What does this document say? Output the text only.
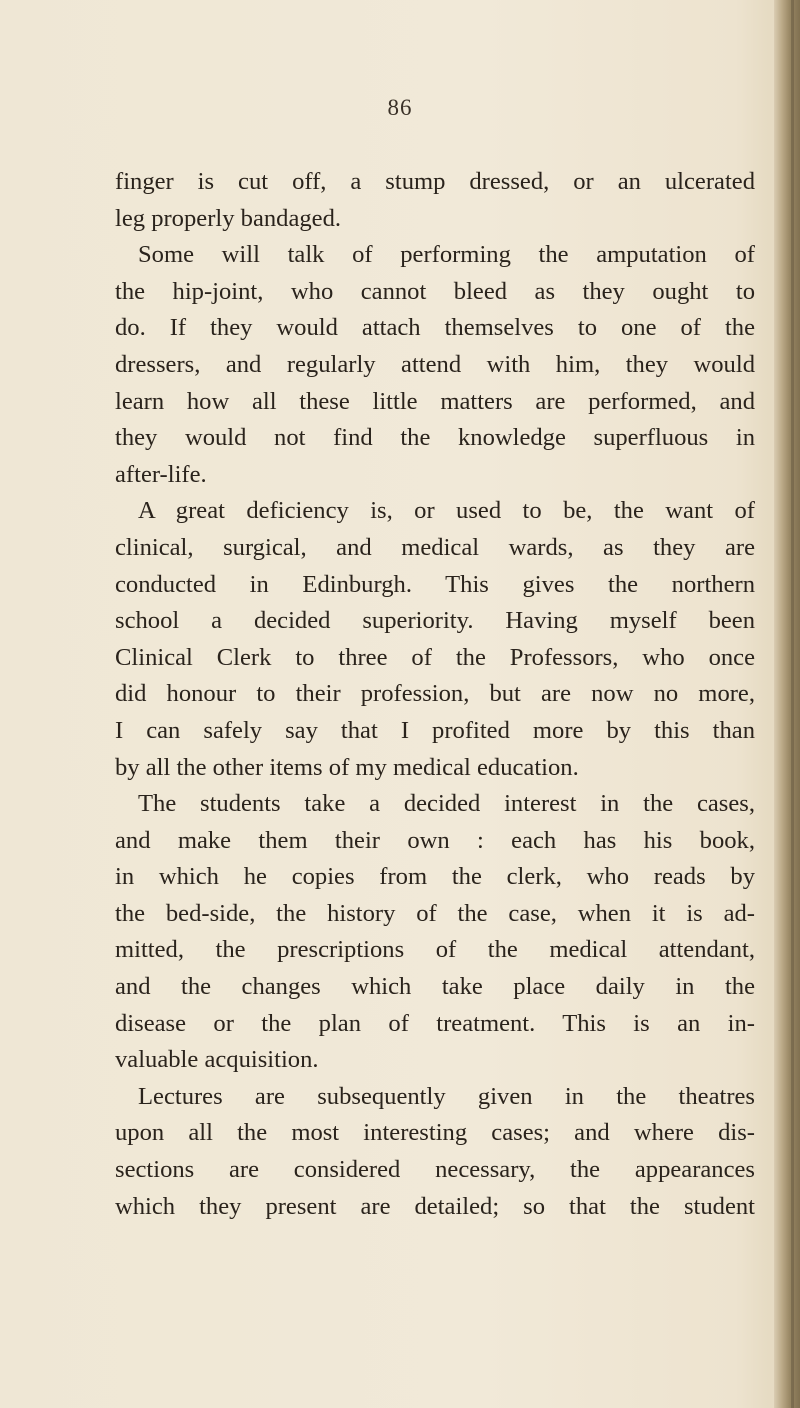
86
finger is cut off, a stump dressed, or an ulcerated
leg properly bandaged.
Some will talk of performing the amputation of
the hip-joint, who cannot bleed as they ought to
do. If they would attach themselves to one of the
dressers, and regularly attend with him, they would
learn how all these little matters are performed, and
they would not find the knowledge superfluous in
after-life.
A great deficiency is, or used to be, the want of
clinical, surgical, and medical wards, as they are
conducted in Edinburgh. This gives the northern
school a decided superiority. Having myself been
Clinical Clerk to three of the Professors, who once
did honour to their profession, but are now no more,
I can safely say that I profited more by this than
by all the other items of my medical education.
The students take a decided interest in the cases,
and make them their own : each has his book,
in which he copies from the clerk, who reads by
the bed-side, the history of the case, when it is ad-
mitted, the prescriptions of the medical attendant,
and the changes which take place daily in the
disease or the plan of treatment. This is an in-
valuable acquisition.
Lectures are subsequently given in the theatres
upon all the most interesting cases; and where dis-
sections are considered necessary, the appearances
which they present are detailed; so that the student
